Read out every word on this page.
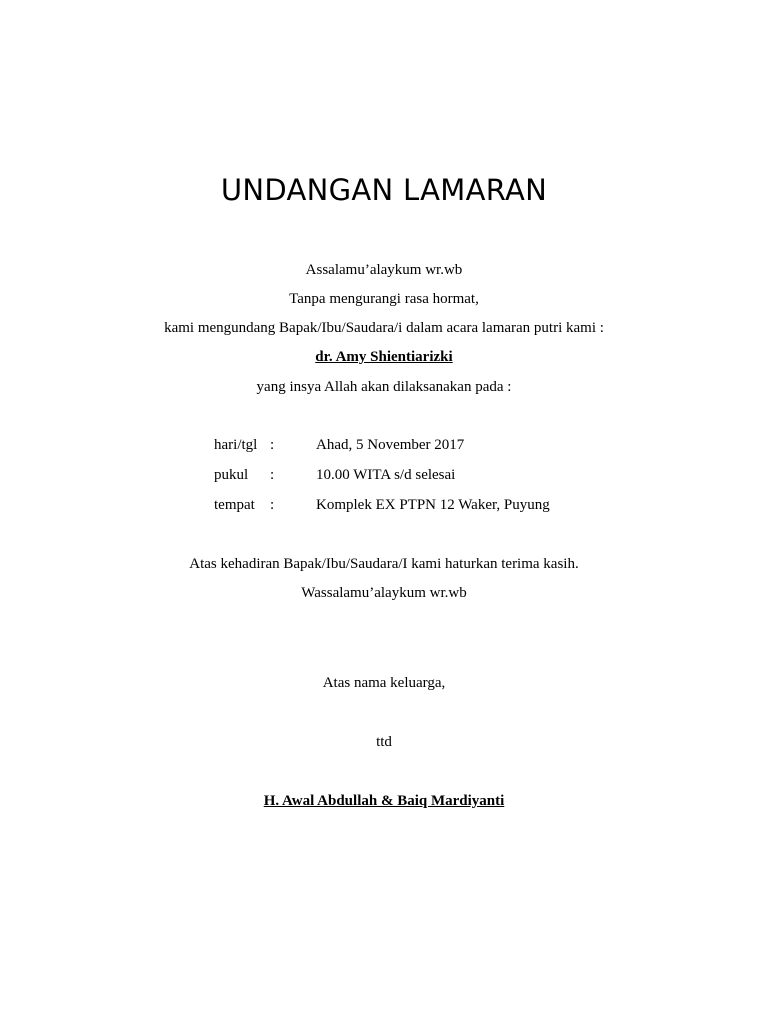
UNDANGAN LAMARAN
Assalamu’alaykum wr.wb
Tanpa mengurangi rasa hormat,
kami mengundang Bapak/Ibu/Saudara/i dalam acara lamaran putri kami :
dr. Amy Shientiarizki
yang insya Allah akan dilaksanakan pada :
hari/tgl :	Ahad, 5 November 2017
pukul :	10.00 WITA s/d selesai
tempat :	Komplek EX PTPN 12 Waker, Puyung
Atas kehadiran Bapak/Ibu/Saudara/I kami haturkan terima kasih.
Wassalamu’alaykum wr.wb
Atas nama keluarga,
ttd
H. Awal Abdullah & Baiq Mardiyanti
